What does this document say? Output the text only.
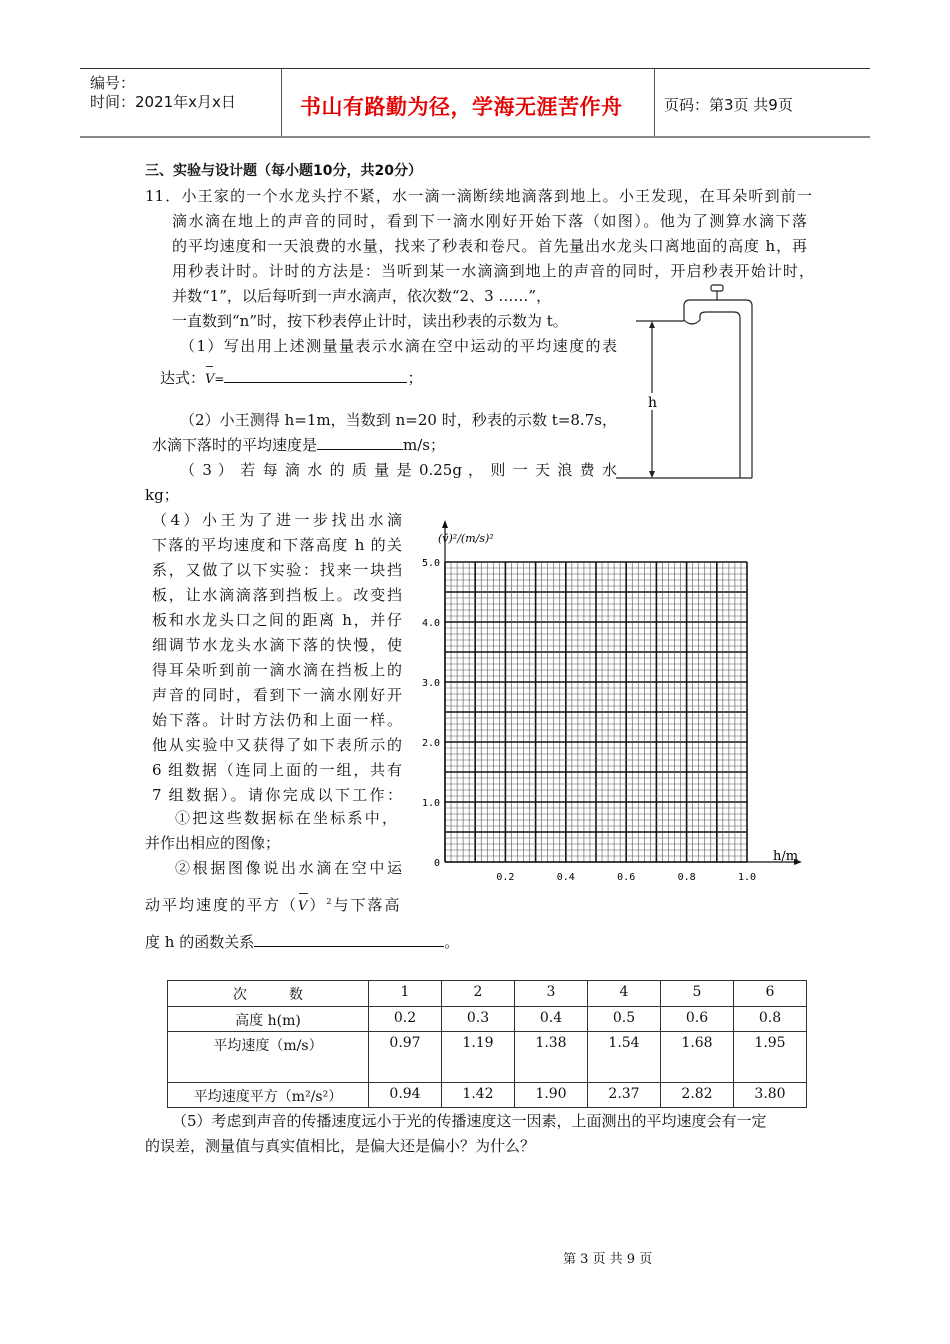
编号：
时间：2021年x月x日	书山有路勤为径，学海无涯苦作舟	页码：第3页 共9页
三、实验与设计题（每小题10分，共20分）
11．小王家的一个水龙头拧不紧，水一滴一滴断续地滴落到地上。小王发现，在耳朵听到前一
滴水滴在地上的声音的同时，看到下一滴水刚好开始下落（如图）。他为了测算水滴下落
的平均速度和一天浪费的水量，找来了秒表和卷尺。首先量出水龙头口离地面的高度 h，再
用秒表计时。计时的方法是：当听到某一水滴滴到地上的声音的同时，开启秒表开始计时，
并数“1”，以后每听到一声水滴声，依次数“2、3 ……”，
一直数到“n”时，按下秒表停止计时，读出秒表的示数为 t。
（1）写出用上述测量量表示水滴在空中运动的平均速度的表
达式：V=	；
（2）小王测得 h=1m，当数到 n=20 时，秒表的示数 t=8.7s，
水滴下落时的平均速度是	m/s；
（ 3 ） 若 每 滴 水 的 质 量 是 0.25g ， 则 一 天 浪 费 水
kg；
h
（4）小王为了进一步找出水滴
下落的平均速度和下落高度 h 的关
系，又做了以下实验：找来一块挡
板，让水滴滴落到挡板上。改变挡
板和水龙头口之间的距离 h，并仔
细调节水龙头水滴下落的快慢，使
得耳朵听到前一滴水滴在挡板上的
声音的同时，看到下一滴水刚好开
始下落。计时方法仍和上面一样。
他从实验中又获得了如下表所示的
6 组数据（连同上面的一组，共有
7 组数据）。请你完成以下工作：
①把这些数据标在坐标系中，
并作出相应的图像；
②根据图像说出水滴在空中运
动平均速度的平方$(V)^2$与下落高
度 h 的函数关系	。
(v̄)²/(m/s)²
h/m
0.2	0.4	0.6	0.8	1.0
0
1.0
2.0
3.0
4.0
5.0
次　　　数	1	2	3	4	5	6
高度 h(m)	0.2	0.3	0.4	0.5	0.6	0.8
平均速度（m/s）	0.97	1.19	1.38	1.54	1.68	1.95
平均速度平方（m²/s²）	0.94	1.42	1.90	2.37	2.82	3.80
（5）考虑到声音的传播速度远小于光的传播速度这一因素，上面测出的平均速度会有一定
的误差，测量值与真实值相比，是偏大还是偏小？为什么？
第 3 页 共 9 页
